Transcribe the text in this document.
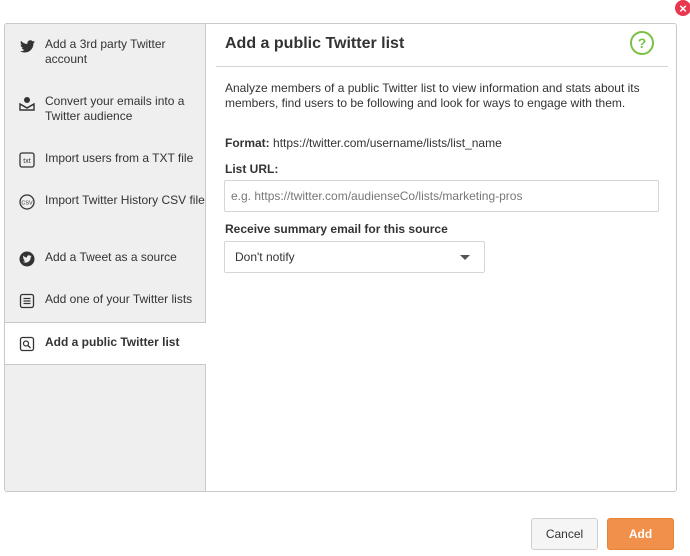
×
Add a 3rd party Twitter account
Convert your emails into a Twitter audience
txt Import users from a TXT file
CSV Import Twitter History CSV file
Add a Tweet as a source
Add one of your Twitter lists
Add a public Twitter list
Add a public Twitter list	?
Analyze members of a public Twitter list to view information and stats about its members, find users to be following and look for ways to engage with them.
Format: https://twitter.com/username/lists/list_name
List URL:
e.g. https://twitter.com/audienseCo/lists/marketing-pros
Receive summary email for this source
Don't notify
Cancel	Add
